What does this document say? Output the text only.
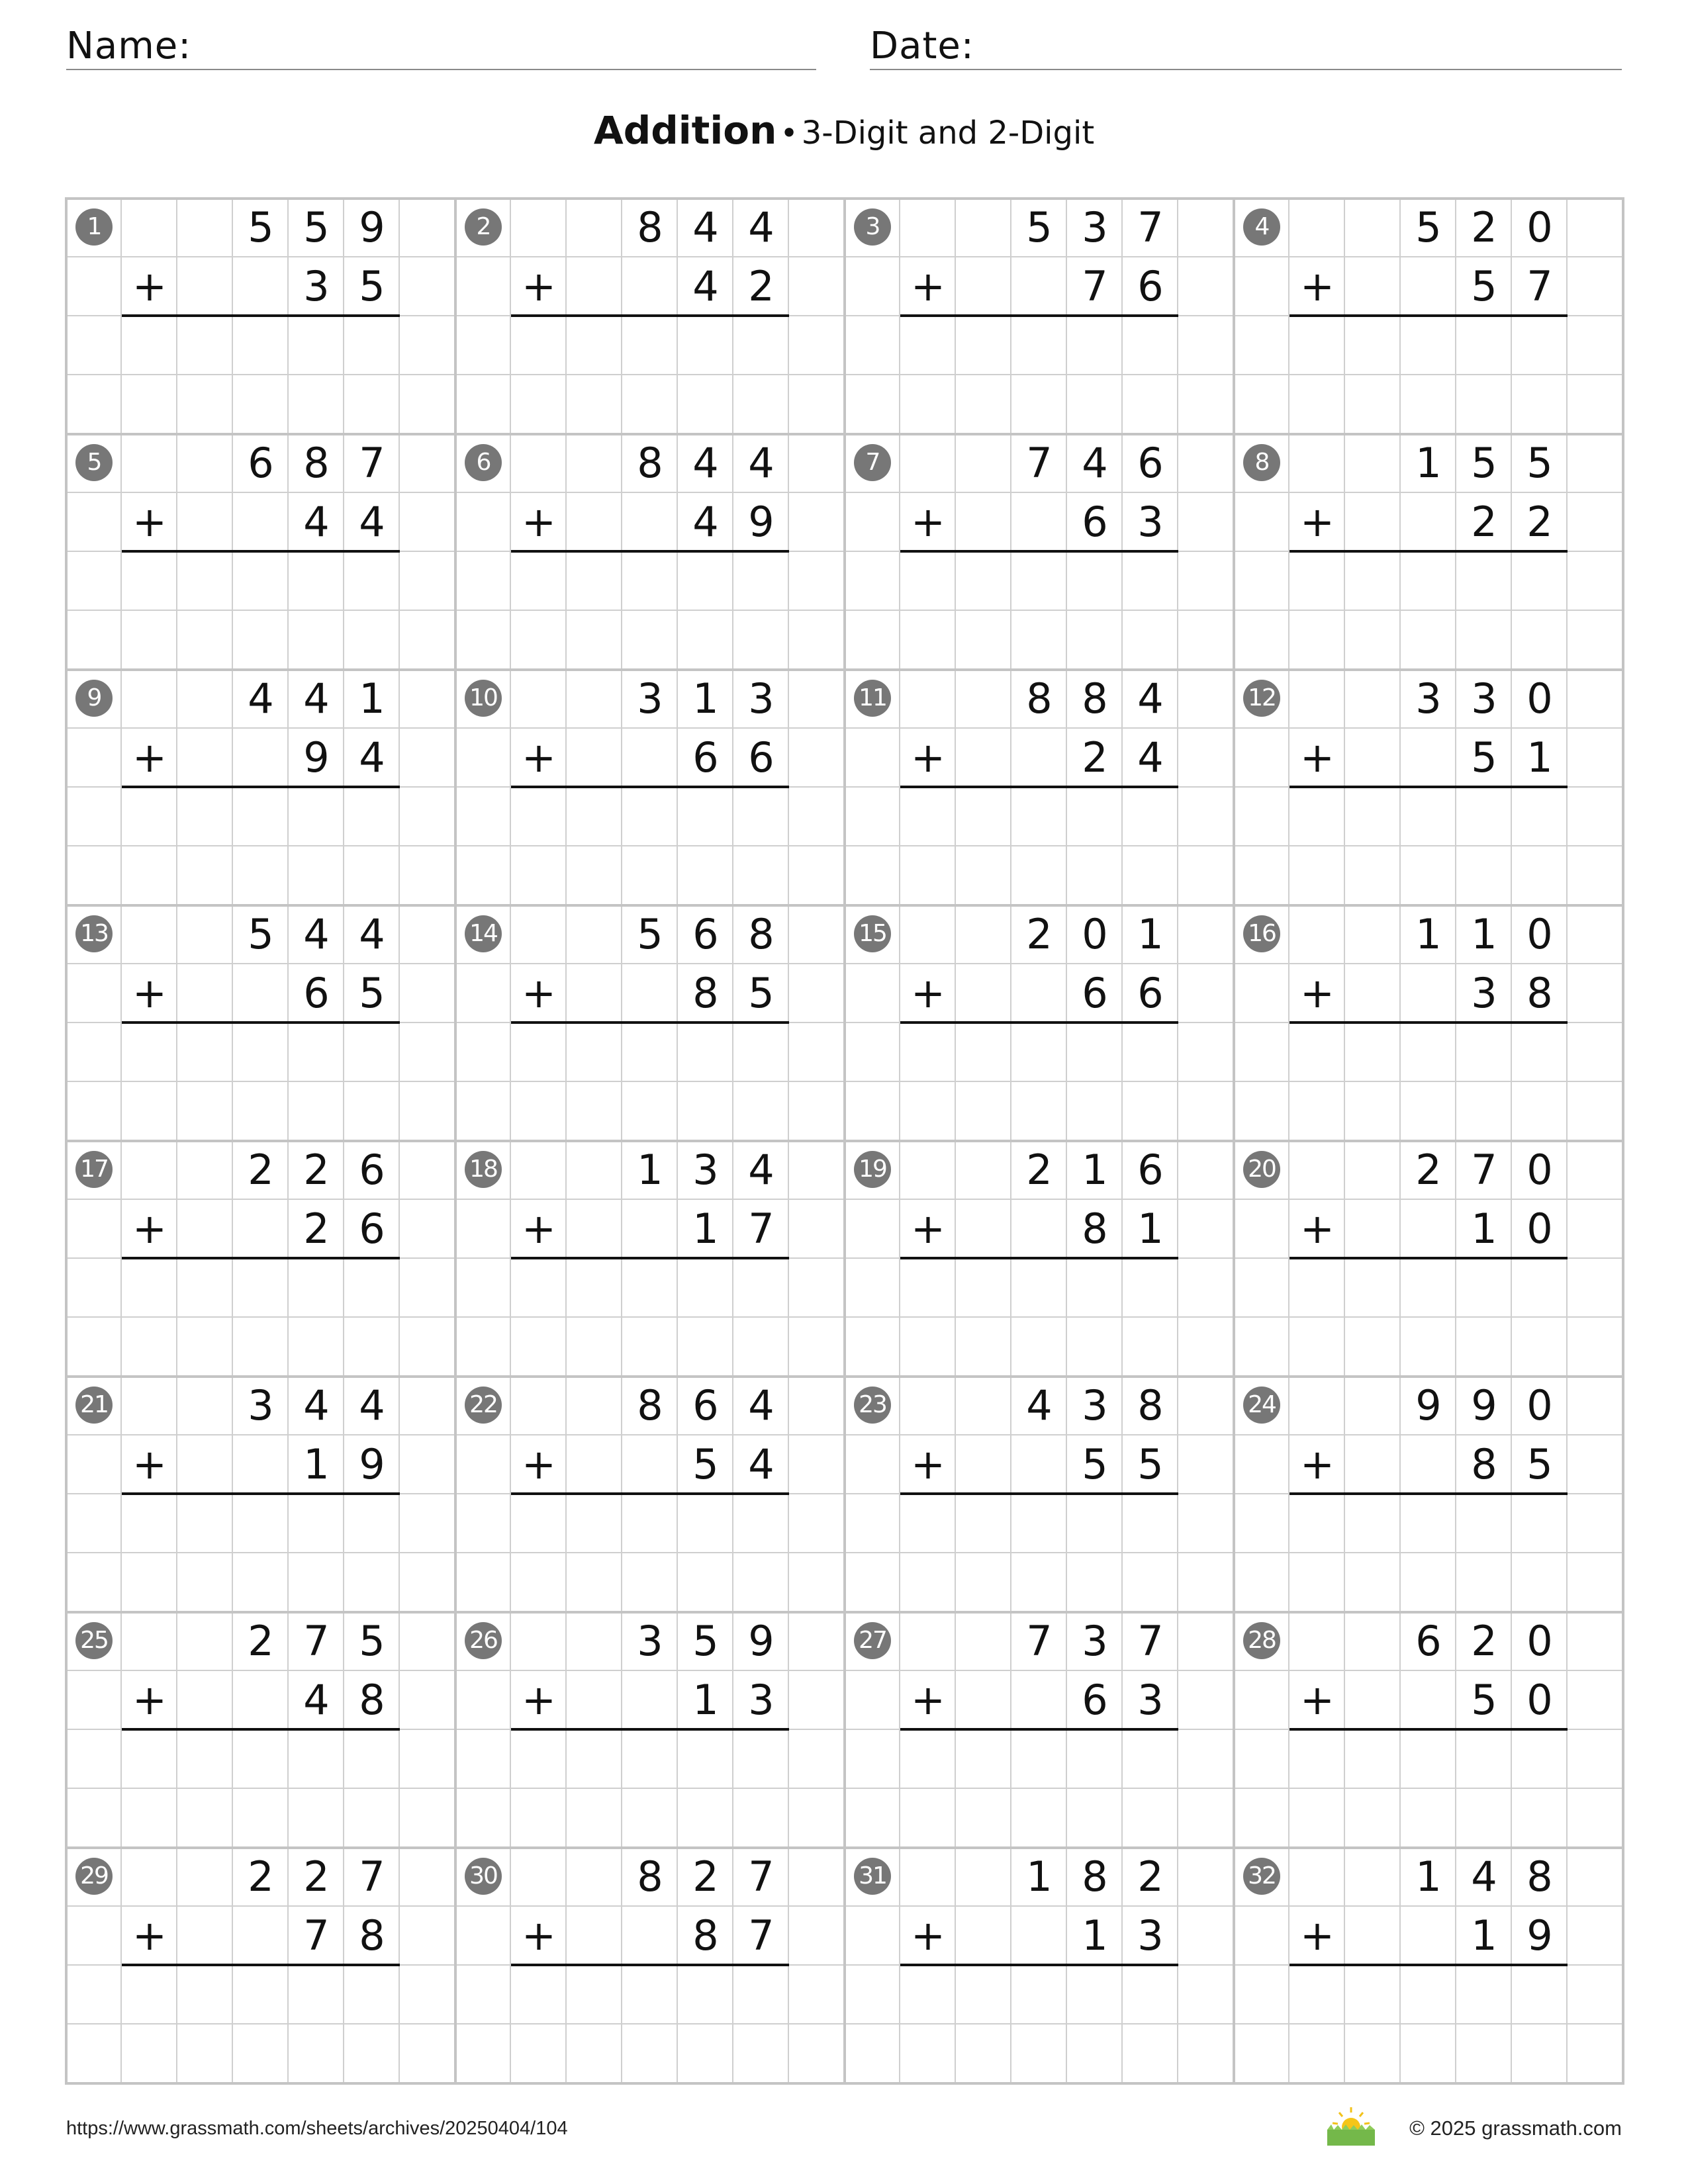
Name:	Date:
Addition • 3-Digit and 2-Digit
1	5 5 9
+	3 5
2	8 4 4
+	4 2
3	5 3 7
+	7 6
4	5 2 0
+	5 7
5	6 8 7
+	4 4
6	8 4 4
+	4 9
7	7 4 6
+	6 3
8	1 5 5
+	2 2
9	4 4 1
+	9 4
10	3 1 3
+	6 6
11	8 8 4
+	2 4
12	3 3 0
+	5 1
13	5 4 4
+	6 5
14	5 6 8
+	8 5
15	2 0 1
+	6 6
16	1 1 0
+	3 8
17	2 2 6
+	2 6
18	1 3 4
+	1 7
19	2 1 6
+	8 1
20	2 7 0
+	1 0
21	3 4 4
+	1 9
22	8 6 4
+	5 4
23	4 3 8
+	5 5
24	9 9 0
+	8 5
25	2 7 5
+	4 8
26	3 5 9
+	1 3
27	7 3 7
+	6 3
28	6 2 0
+	5 0
29	2 2 7
+	7 8
30	8 2 7
+	8 7
31	1 8 2
+	1 3
32	1 4 8
+	1 9
https://www.grassmath.com/sheets/archives/20250404/104	© 2025 grassmath.com
